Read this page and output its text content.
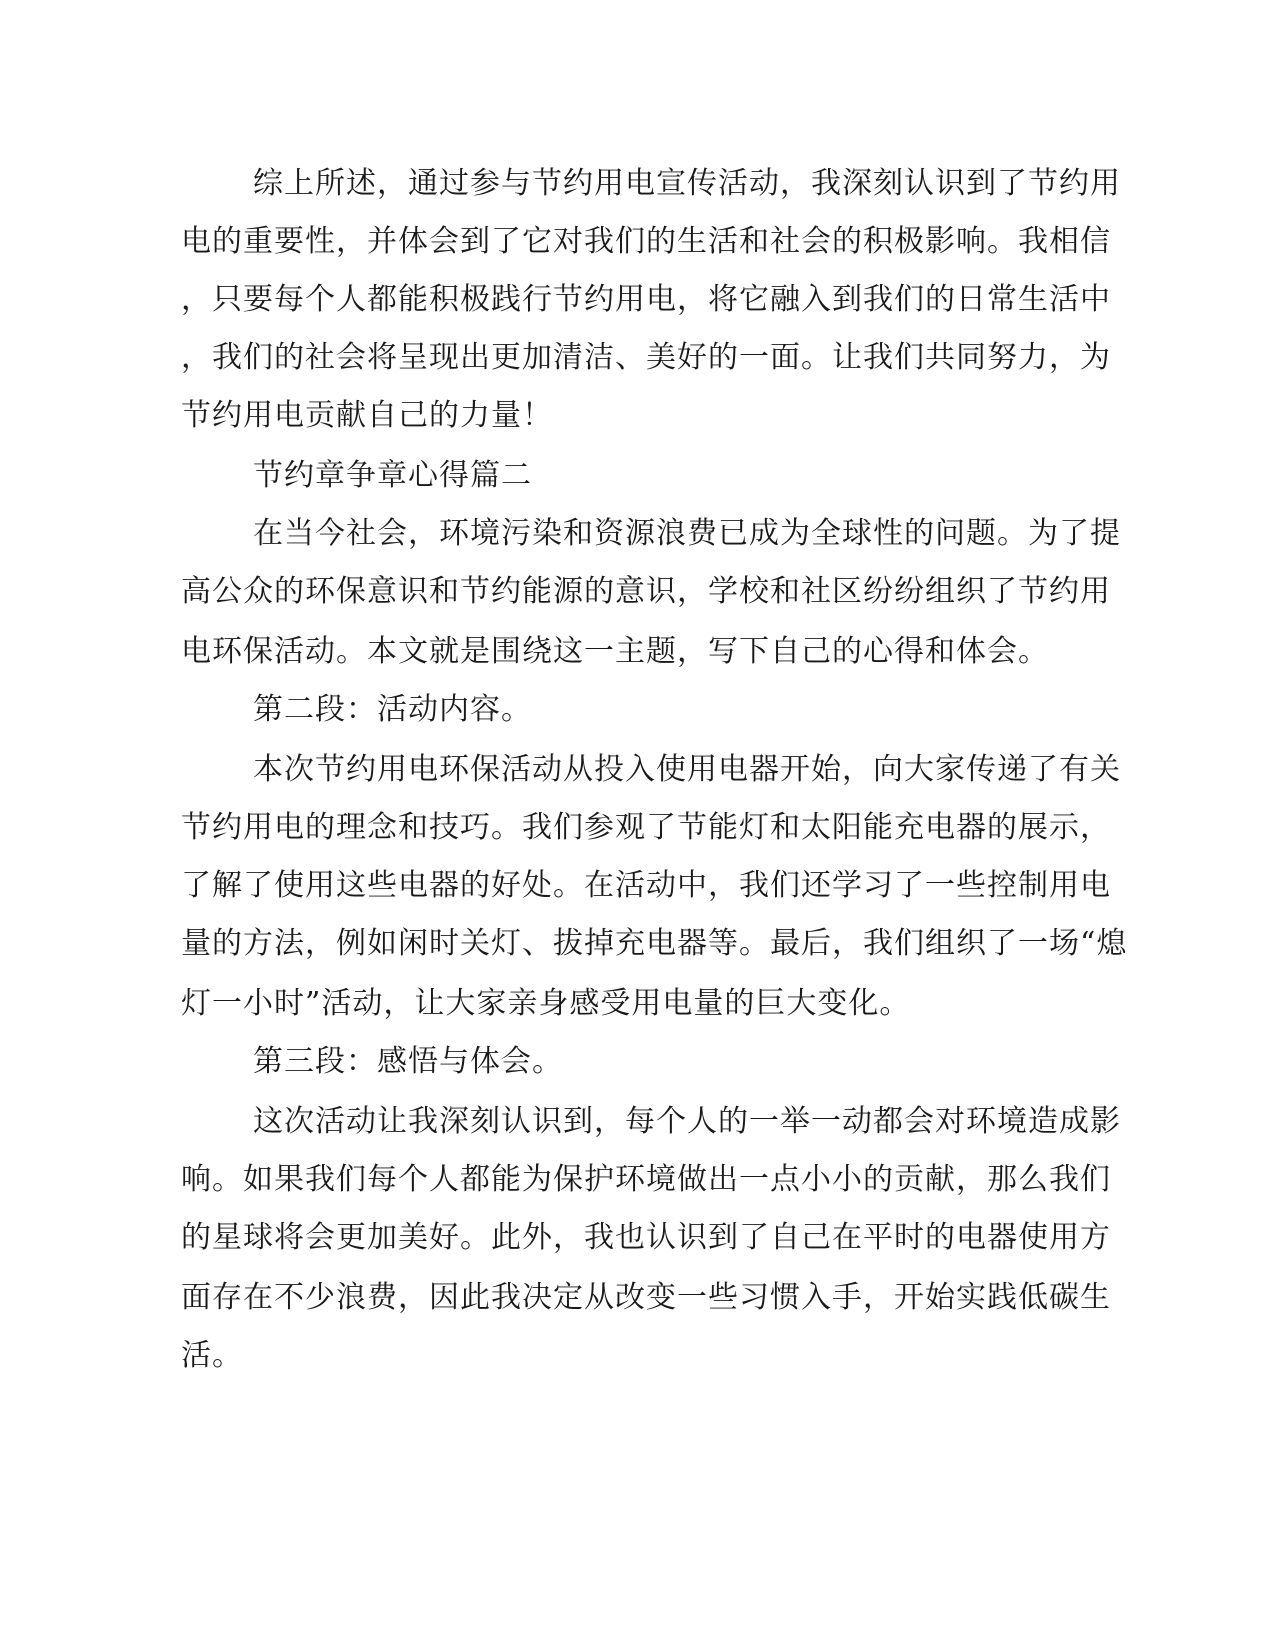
综上所述，通过参与节约用电宣传活动，我深刻认识到了节约用
电的重要性，并体会到了它对我们的生活和社会的积极影响。我相信
，只要每个人都能积极践行节约用电，将它融入到我们的日常生活中
，我们的社会将呈现出更加清洁、美好的一面。让我们共同努力，为
节约用电贡献自己的力量！
节约章争章心得篇二
在当今社会，环境污染和资源浪费已成为全球性的问题。为了提
高公众的环保意识和节约能源的意识，学校和社区纷纷组织了节约用
电环保活动。本文就是围绕这一主题，写下自己的心得和体会。
第二段：活动内容。
本次节约用电环保活动从投入使用电器开始，向大家传递了有关
节约用电的理念和技巧。我们参观了节能灯和太阳能充电器的展示，
了解了使用这些电器的好处。在活动中，我们还学习了一些控制用电
量的方法，例如闲时关灯、拔掉充电器等。最后，我们组织了一场“熄
灯一小时”活动，让大家亲身感受用电量的巨大变化。
第三段：感悟与体会。
这次活动让我深刻认识到，每个人的一举一动都会对环境造成影
响。如果我们每个人都能为保护环境做出一点小小的贡献，那么我们
的星球将会更加美好。此外，我也认识到了自己在平时的电器使用方
面存在不少浪费，因此我决定从改变一些习惯入手，开始实践低碳生
活。
